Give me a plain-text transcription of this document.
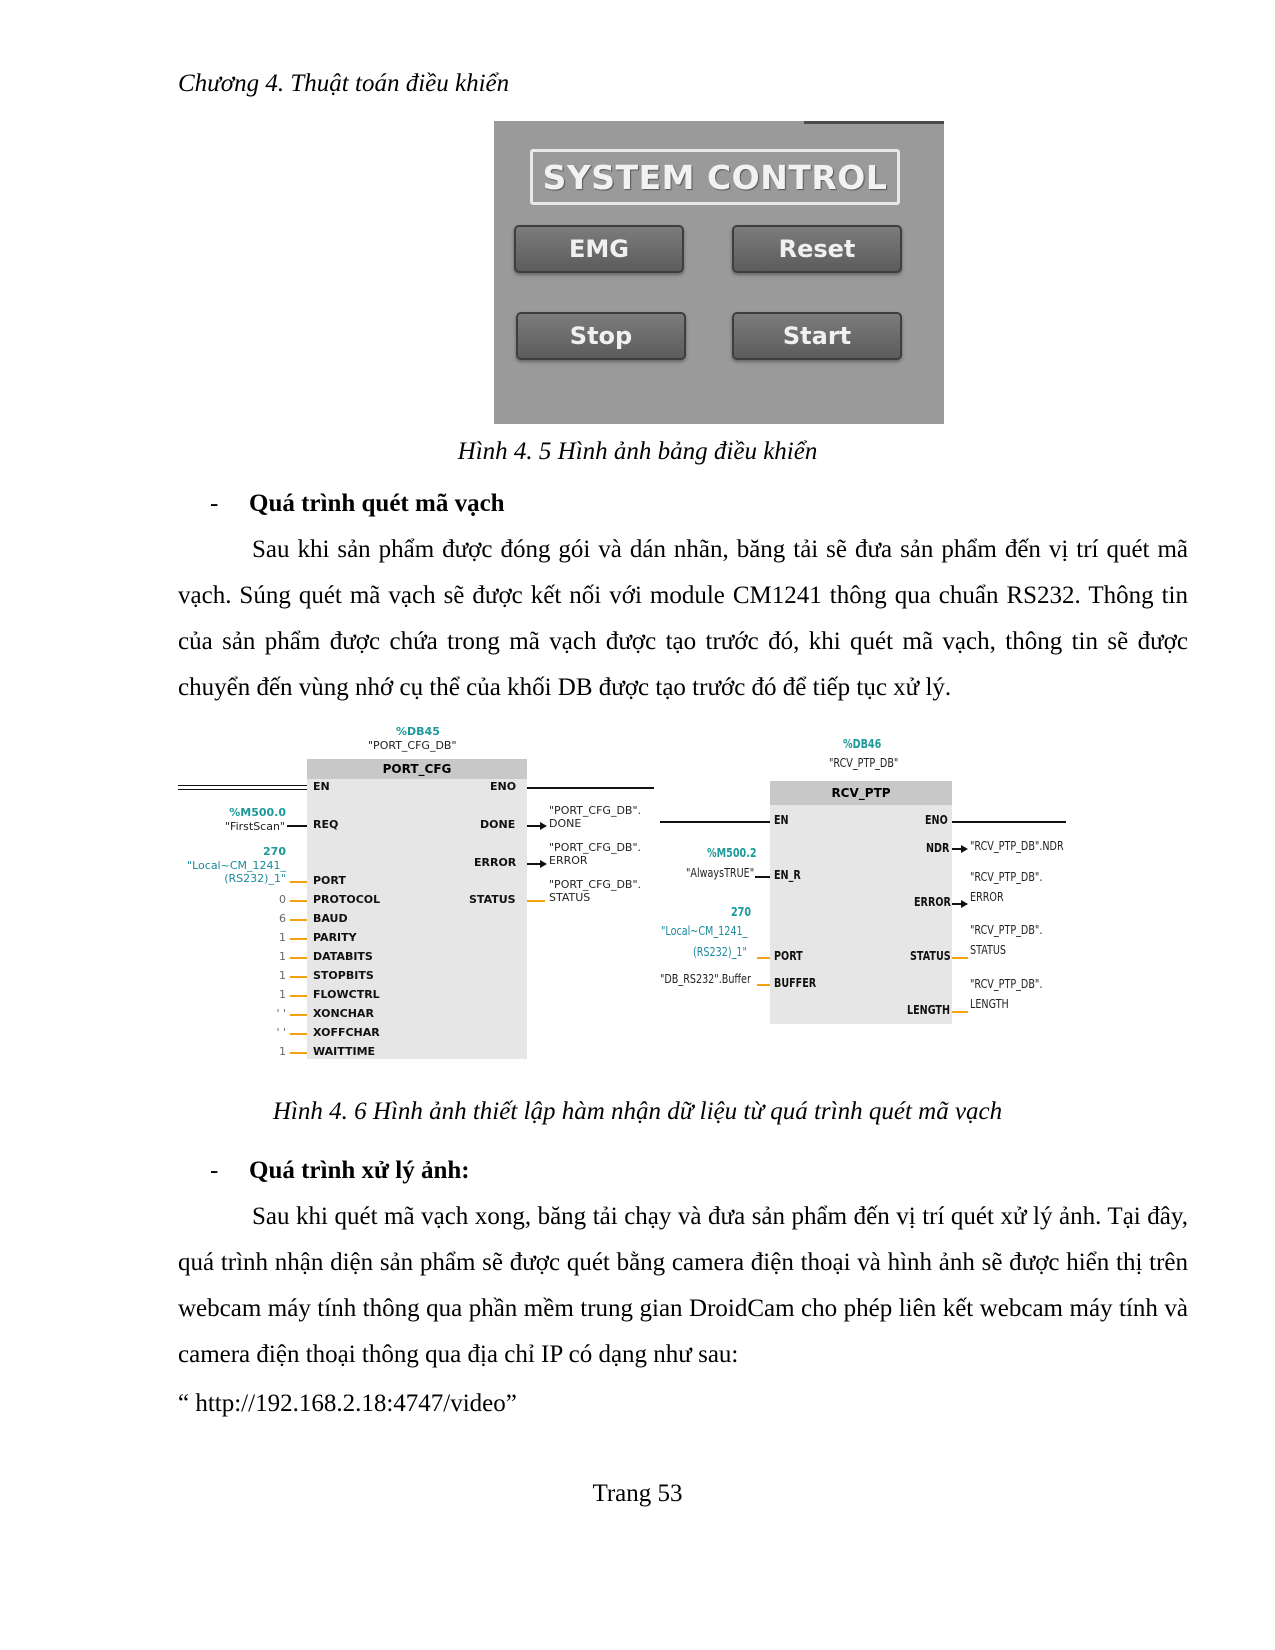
Chương 4. Thuật toán điều khiển
SYSTEM CONTROL
EMG	Reset
Stop	Start
Hình 4. 5 Hình ảnh bảng điều khiển
- Quá trình quét mã vạch
Sau khi sản phẩm được đóng gói và dán nhãn, băng tải sẽ đưa sản phẩm đến vị trí quét mã vạch. Súng quét mã vạch sẽ được kết nối với module CM1241 thông qua chuẩn RS232. Thông tin của sản phẩm được chứa trong mã vạch được tạo trước đó, khi quét mã vạch, thông tin sẽ được chuyển đến vùng nhớ cụ thể của khối DB được tạo trước đó để tiếp tục xử lý.
%DB45
"PORT_CFG_DB"
PORT_CFG
EN
REQ
PORT
PROTOCOL
BAUD
PARITY
DATABITS
STOPBITS
FLOWCTRL
XONCHAR
XOFFCHAR
WAITTIME
ENO
DONE
ERROR
STATUS
%M500.0
"FirstScan"
270
"Local~CM_1241_
(RS232)_1"
0
6
1
1
1
1
' '
' '
1
"PORT_CFG_DB".
DONE
"PORT_CFG_DB".
ERROR
"PORT_CFG_DB".
STATUS
%DB46
"RCV_PTP_DB"
RCV_PTP
EN
EN_R
PORT
BUFFER
ENO
NDR
ERROR
STATUS
LENGTH
%M500.2
"AlwaysTRUE"
270
"Local~CM_1241_
(RS232)_1"
"DB_RS232".Buffer
"RCV_PTP_DB".NDR
"RCV_PTP_DB".
ERROR
"RCV_PTP_DB".
STATUS
"RCV_PTP_DB".
LENGTH
Hình 4. 6 Hình ảnh thiết lập hàm nhận dữ liệu từ quá trình quét mã vạch
- Quá trình xử lý ảnh:
Sau khi quét mã vạch xong, băng tải chạy và đưa sản phẩm đến vị trí quét xử lý ảnh. Tại đây, quá trình nhận diện sản phẩm sẽ được quét bằng camera điện thoại và hình ảnh sẽ được hiển thị trên webcam máy tính thông qua phần mềm trung gian DroidCam cho phép liên kết webcam máy tính và camera điện thoại thông qua địa chỉ IP có dạng như sau:
“ http://192.168.2.18:4747/video”
Trang 53
